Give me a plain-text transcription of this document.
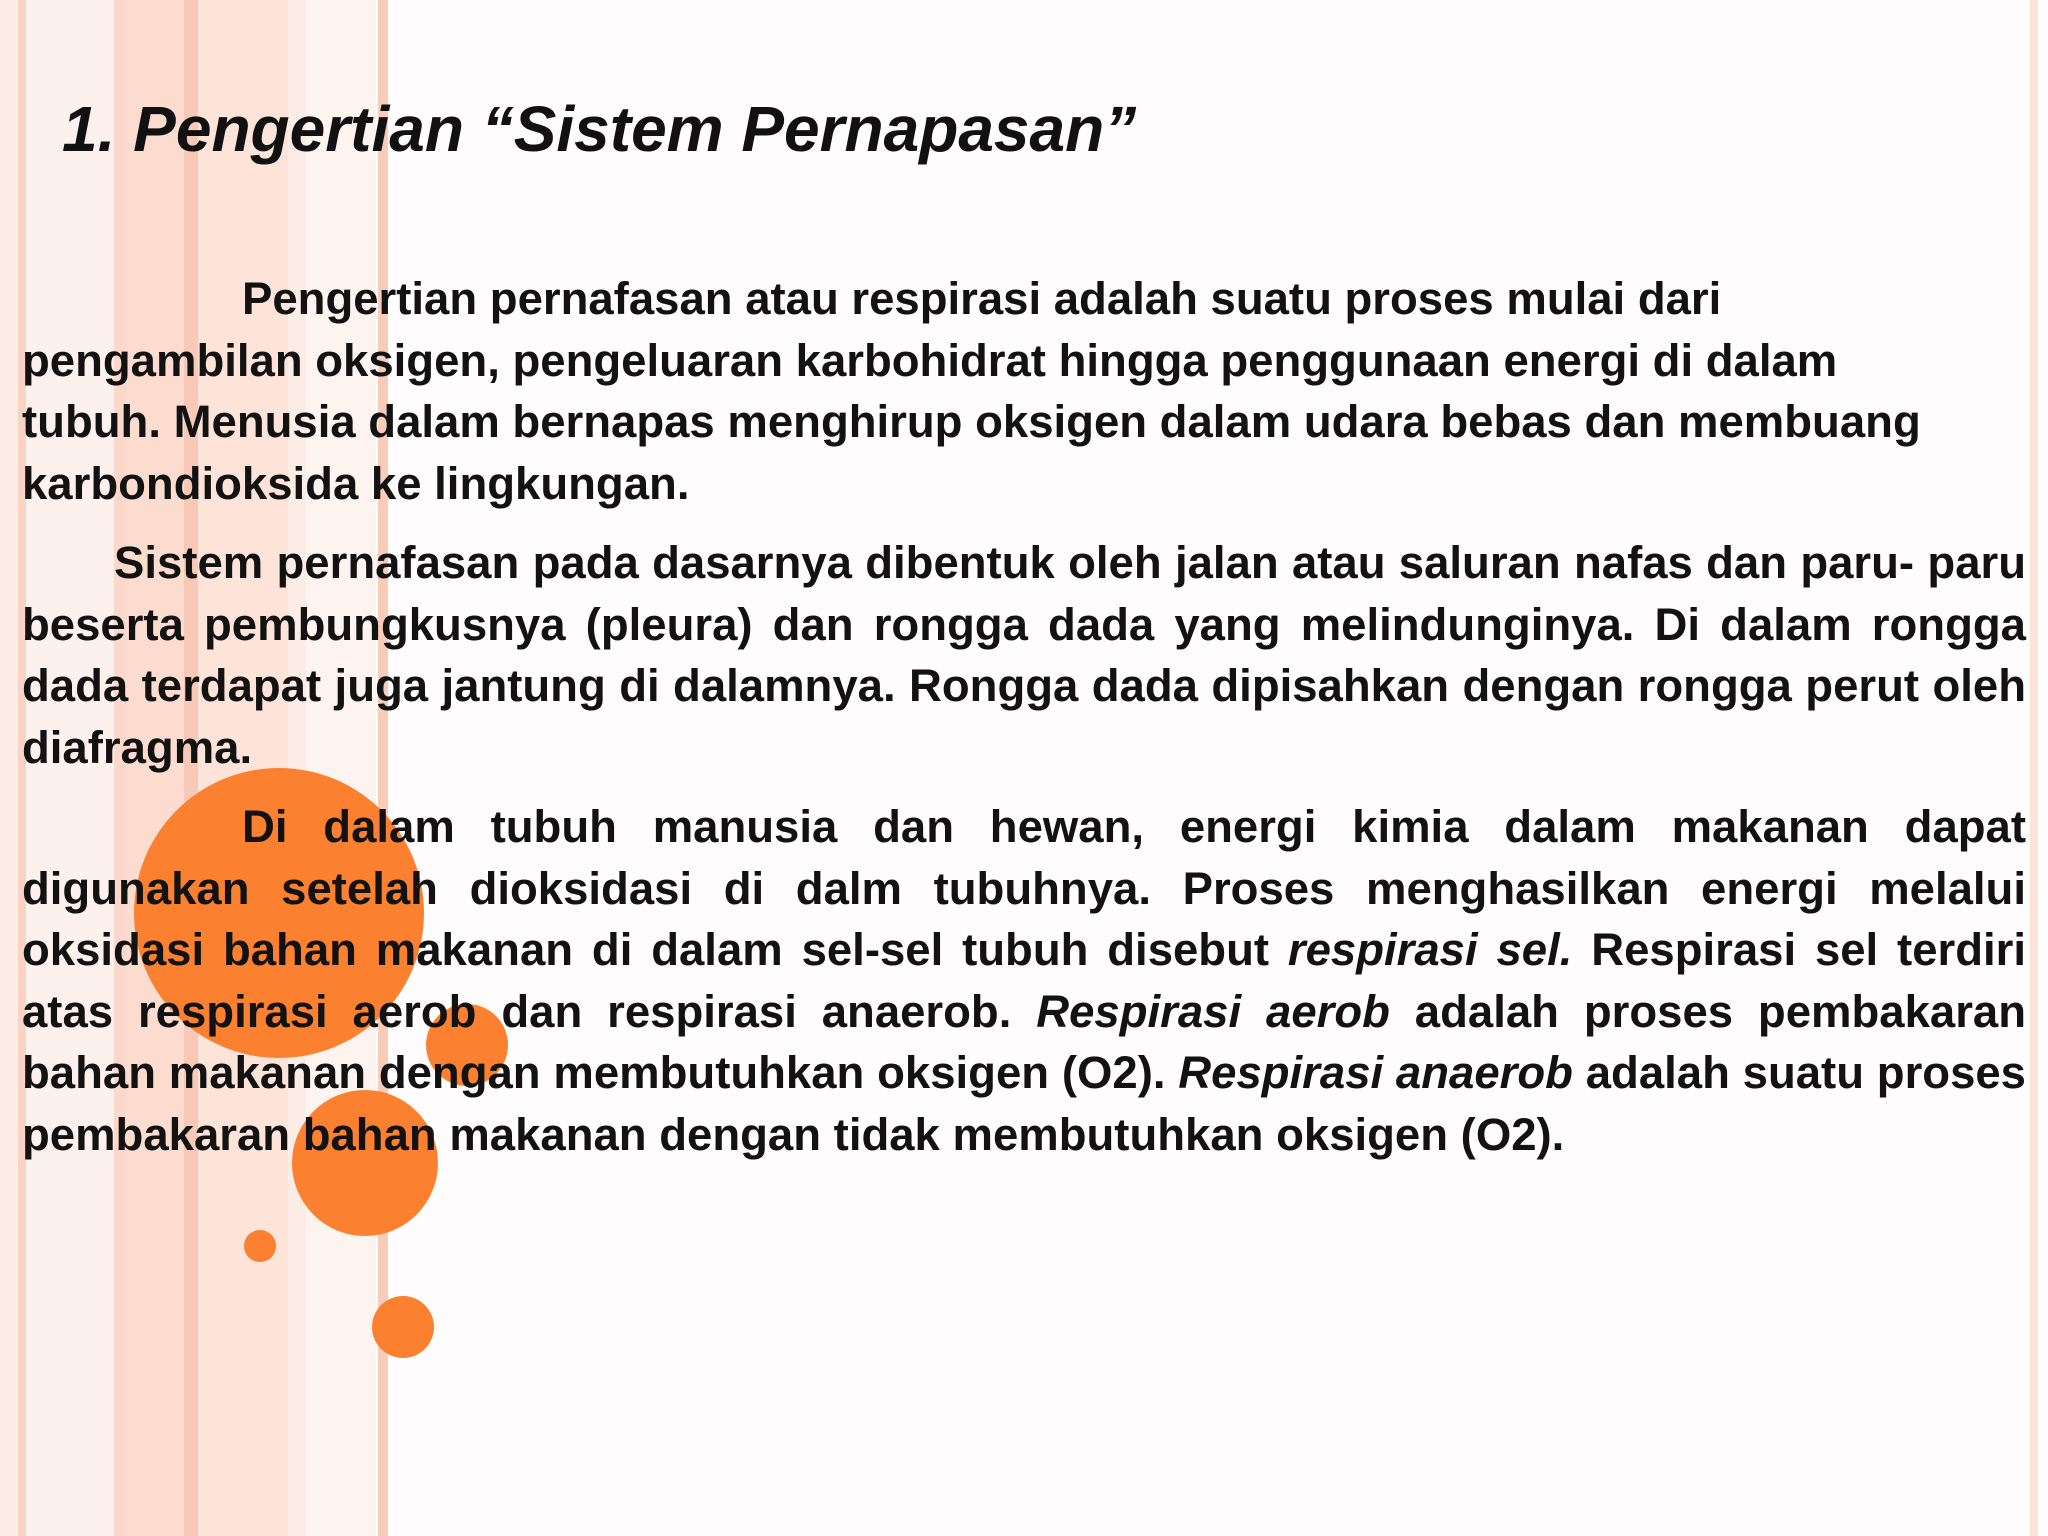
1. Pengertian “Sistem Pernapasan”

Pengertian pernafasan atau respirasi adalah suatu proses mulai dari pengambilan oksigen, pengeluaran karbohidrat hingga penggunaan energi di dalam tubuh. Menusia dalam bernapas menghirup oksigen dalam udara bebas dan membuang karbondioksida ke lingkungan.

Sistem pernafasan pada dasarnya dibentuk oleh jalan atau saluran nafas dan paru- paru beserta pembungkusnya (pleura) dan rongga dada yang melindunginya. Di dalam rongga dada terdapat juga jantung di dalamnya. Rongga dada dipisahkan dengan rongga perut oleh diafragma.

Di dalam tubuh manusia dan hewan, energi kimia dalam makanan dapat digunakan setelah dioksidasi di dalm tubuhnya. Proses menghasilkan energi melalui oksidasi bahan makanan di dalam sel-sel tubuh disebut respirasi sel. Respirasi sel terdiri atas respirasi aerob dan respirasi anaerob. Respirasi aerob adalah proses pembakaran bahan makanan dengan membutuhkan oksigen (O2). Respirasi anaerob adalah suatu proses pembakaran bahan makanan dengan tidak membutuhkan oksigen (O2).
